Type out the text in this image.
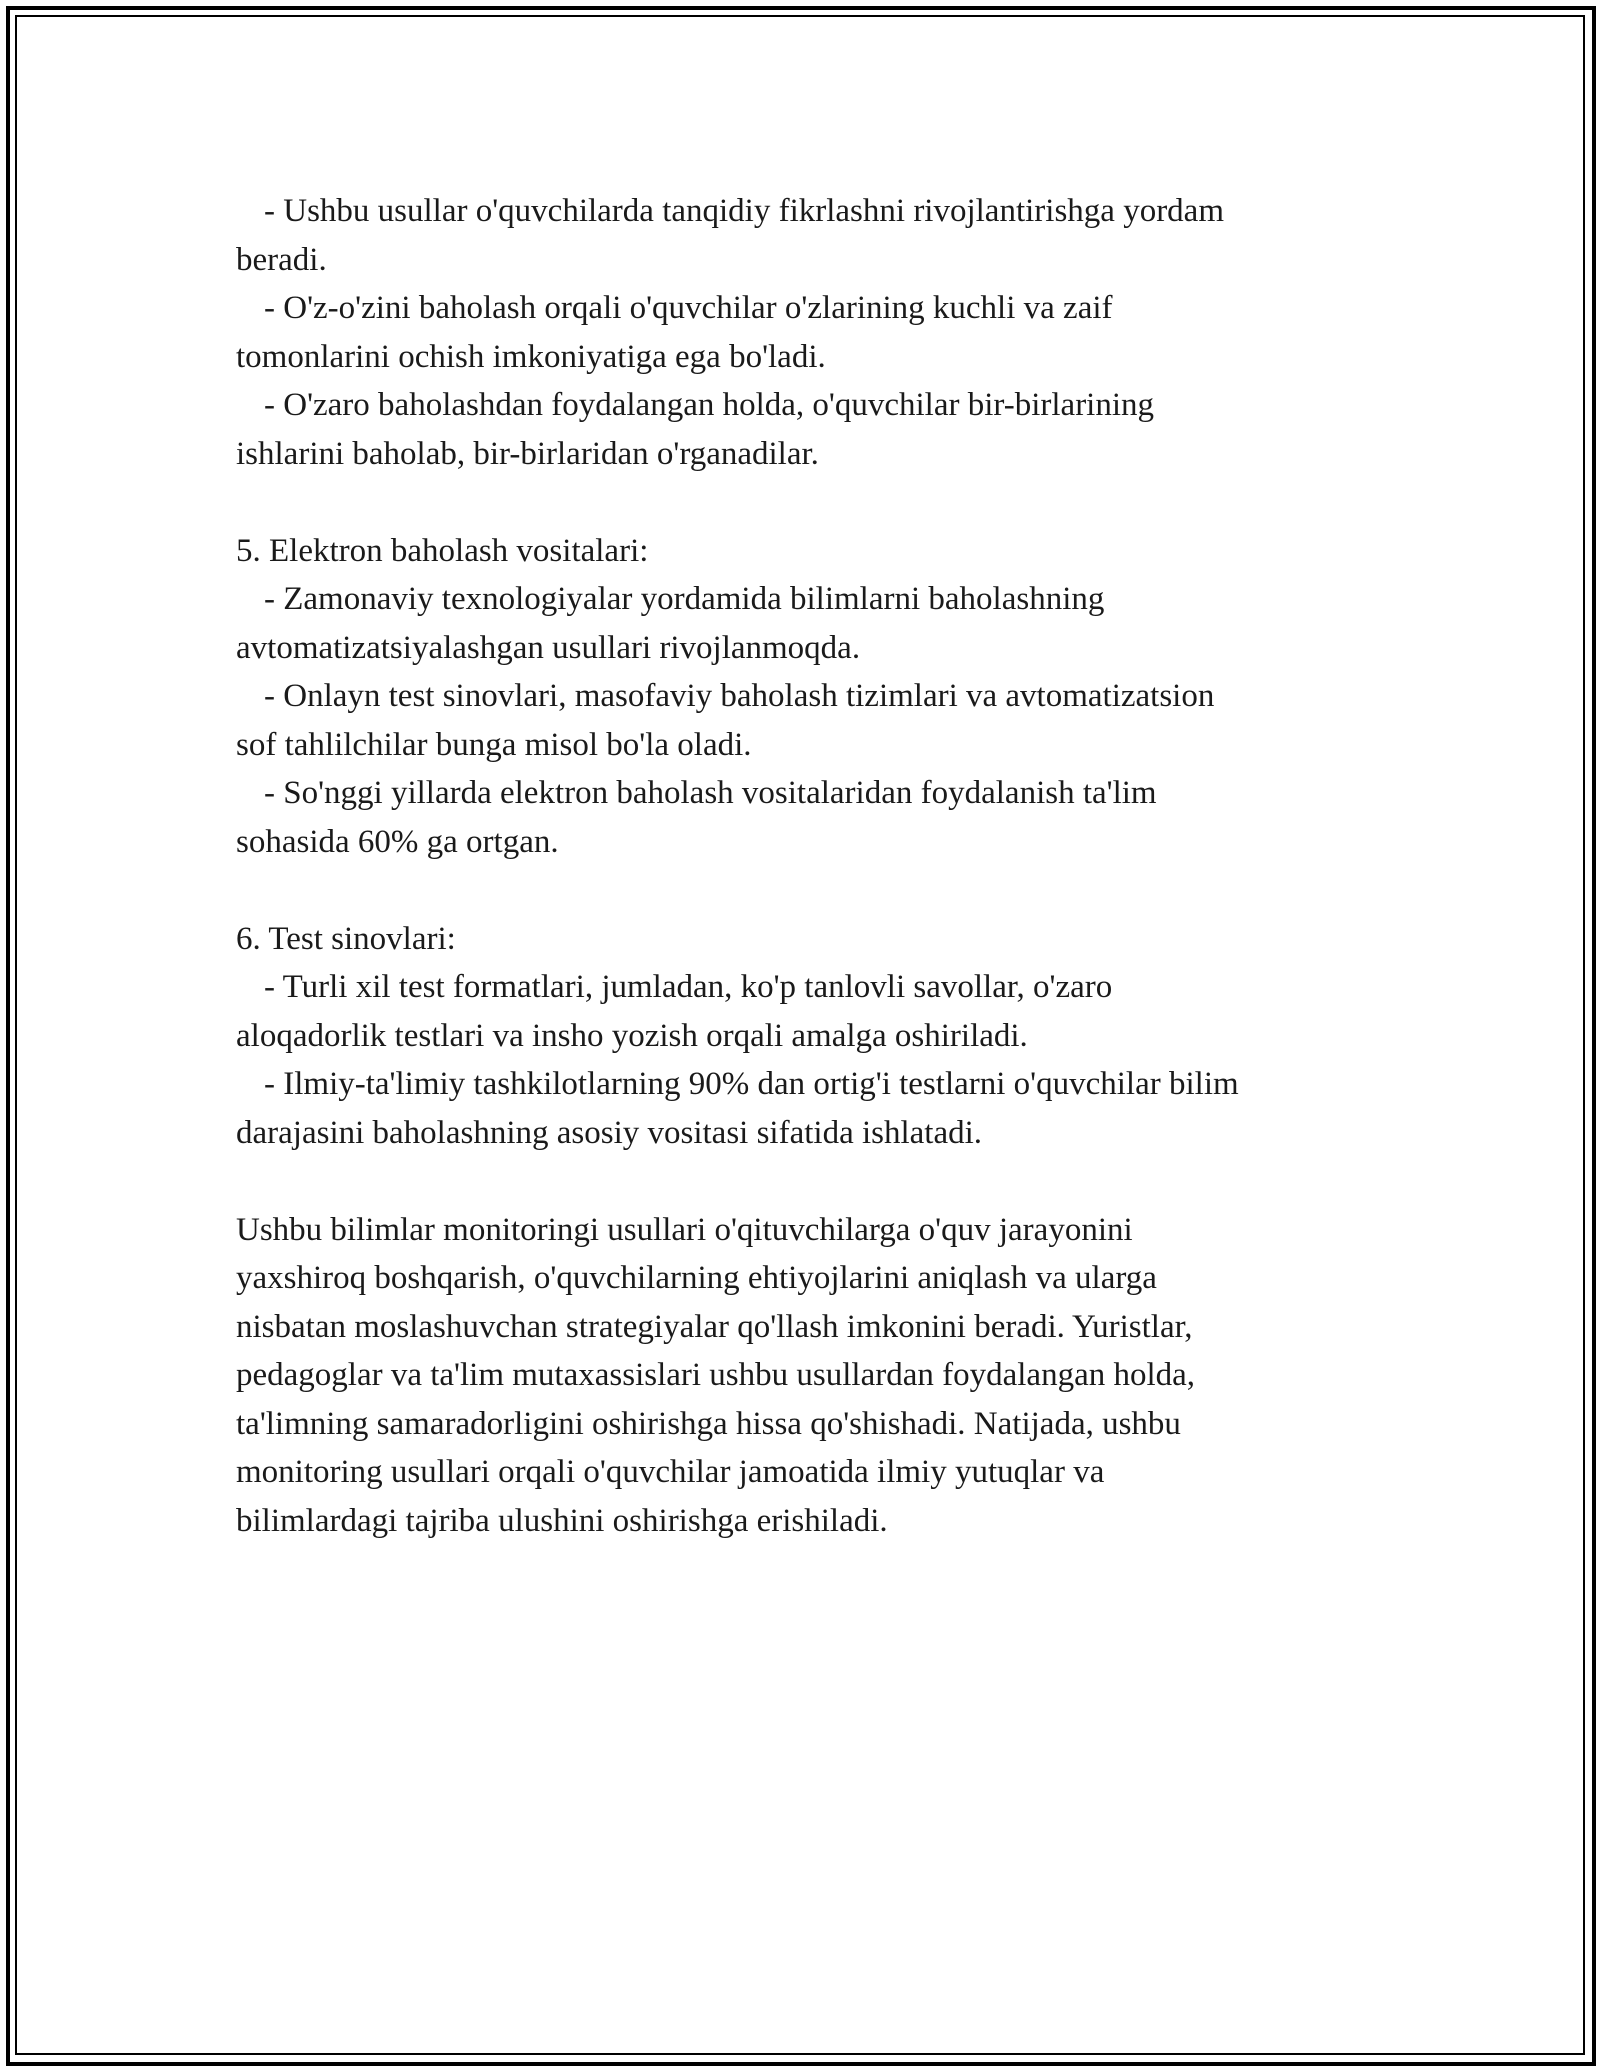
- Ushbu usullar o'quvchilarda tanqidiy fikrlashni rivojlantirishga yordam
beradi.
- O'z-o'zini baholash orqali o'quvchilar o'zlarining kuchli va zaif
tomonlarini ochish imkoniyatiga ega bo'ladi.
- O'zaro baholashdan foydalangan holda, o'quvchilar bir-birlarining
ishlarini baholab, bir-birlaridan o'rganadilar.
5. Elektron baholash vositalari:
- Zamonaviy texnologiyalar yordamida bilimlarni baholashning
avtomatizatsiyalashgan usullari rivojlanmoqda.
- Onlayn test sinovlari, masofaviy baholash tizimlari va avtomatizatsion
sof tahlilchilar bunga misol bo'la oladi.
- So'nggi yillarda elektron baholash vositalaridan foydalanish ta'lim
sohasida 60% ga ortgan.
6. Test sinovlari:
- Turli xil test formatlari, jumladan, ko'p tanlovli savollar, o'zaro
aloqadorlik testlari va insho yozish orqali amalga oshiriladi.
- Ilmiy-ta'limiy tashkilotlarning 90% dan ortig'i testlarni o'quvchilar bilim
darajasini baholashning asosiy vositasi sifatida ishlatadi.
Ushbu bilimlar monitoringi usullari o'qituvchilarga o'quv jarayonini
yaxshiroq boshqarish, o'quvchilarning ehtiyojlarini aniqlash va ularga
nisbatan moslashuvchan strategiyalar qo'llash imkonini beradi. Yuristlar,
pedagoglar va ta'lim mutaxassislari ushbu usullardan foydalangan holda,
ta'limning samaradorligini oshirishga hissa qo'shishadi. Natijada, ushbu
monitoring usullari orqali o'quvchilar jamoatida ilmiy yutuqlar va
bilimlardagi tajriba ulushini oshirishga erishiladi.
